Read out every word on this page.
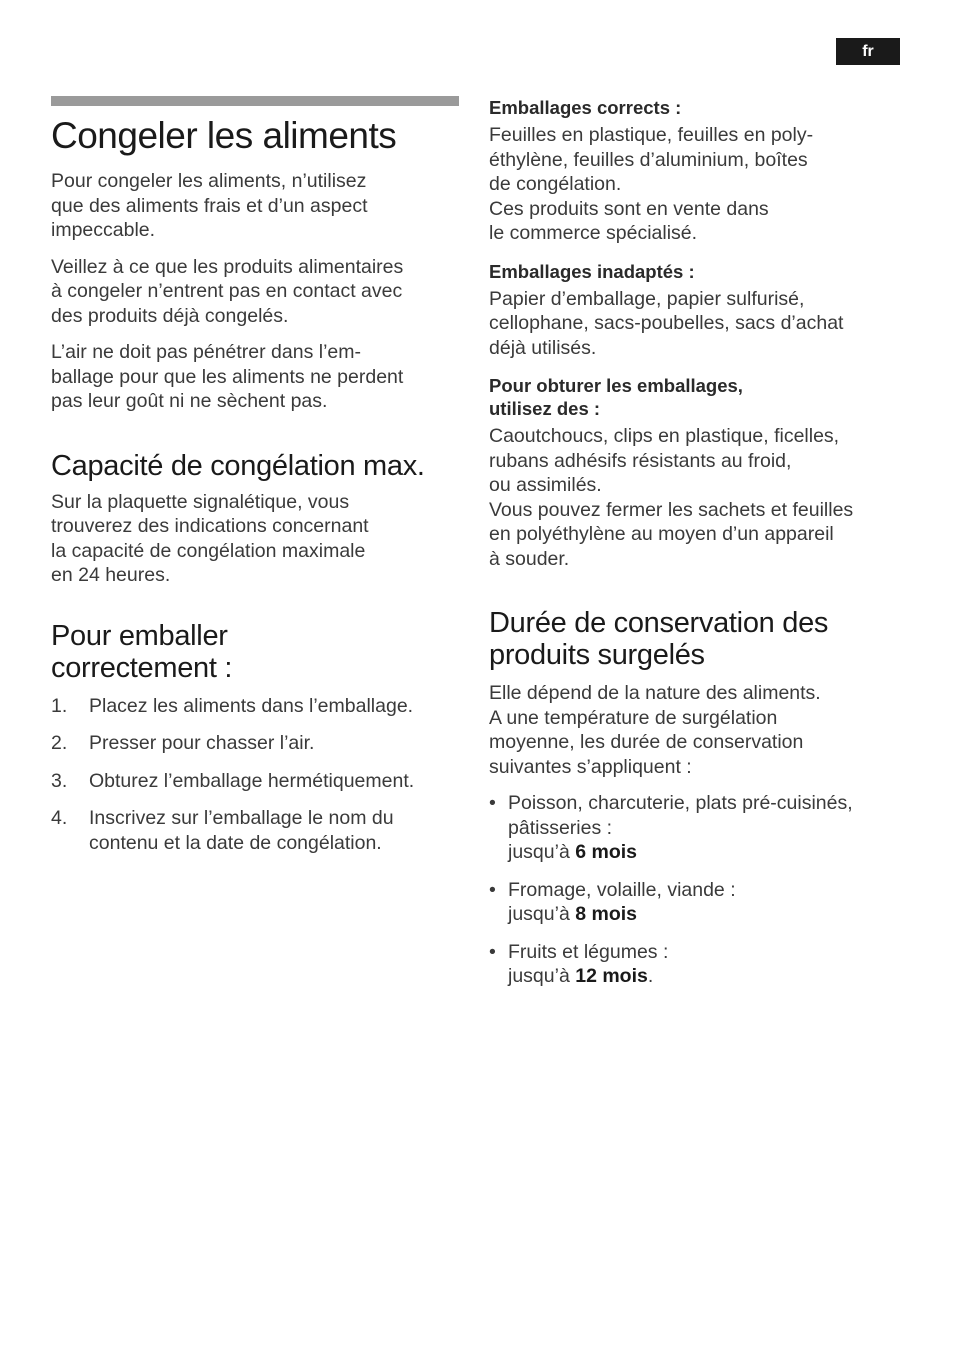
fr
Congeler les aliments

Pour congeler les aliments, n’utilisez
que des aliments frais et d’un aspect
impeccable.

Veillez à ce que les produits alimentaires
à congeler n’entrent pas en contact avec
des produits déjà congelés.

L’air ne doit pas pénétrer dans l’em-
ballage pour que les aliments ne perdent
pas leur goût ni ne sèchent pas.

Capacité de congélation max.

Sur la plaquette signalétique, vous
trouverez des indications concernant
la capacité de congélation maximale
en 24 heures.

Pour emballer correctement :
1. Placez les aliments dans l’emballage.
2. Presser pour chasser l’air.
3. Obturez l’emballage hermétiquement.
4. Inscrivez sur l’emballage le nom du contenu et la date de congélation.
Emballages corrects :

Feuilles en plastique, feuilles en poly-
éthylène, feuilles d’aluminium, boîtes
de congélation.
Ces produits sont en vente dans
le commerce spécialisé.

Emballages inadaptés :

Papier d’emballage, papier sulfurisé,
cellophane, sacs-poubelles, sacs d’achat
déjà utilisés.

Pour obturer les emballages,
utilisez des :

Caoutchoucs, clips en plastique, ficelles,
rubans adhésifs résistants au froid,
ou assimilés.
Vous pouvez fermer les sachets et feuilles
en polyéthylène au moyen d’un appareil
à souder.

Durée de conservation des produits surgelés

Elle dépend de la nature des aliments.
A une température de surgélation
moyenne, les durée de conservation
suivantes s’appliquent :

• Poisson, charcuterie, plats pré-cuisinés, pâtisseries :
jusqu’à 6 mois
• Fromage, volaille, viande :
jusqu’à 8 mois
• Fruits et légumes :
jusqu’à 12 mois.
